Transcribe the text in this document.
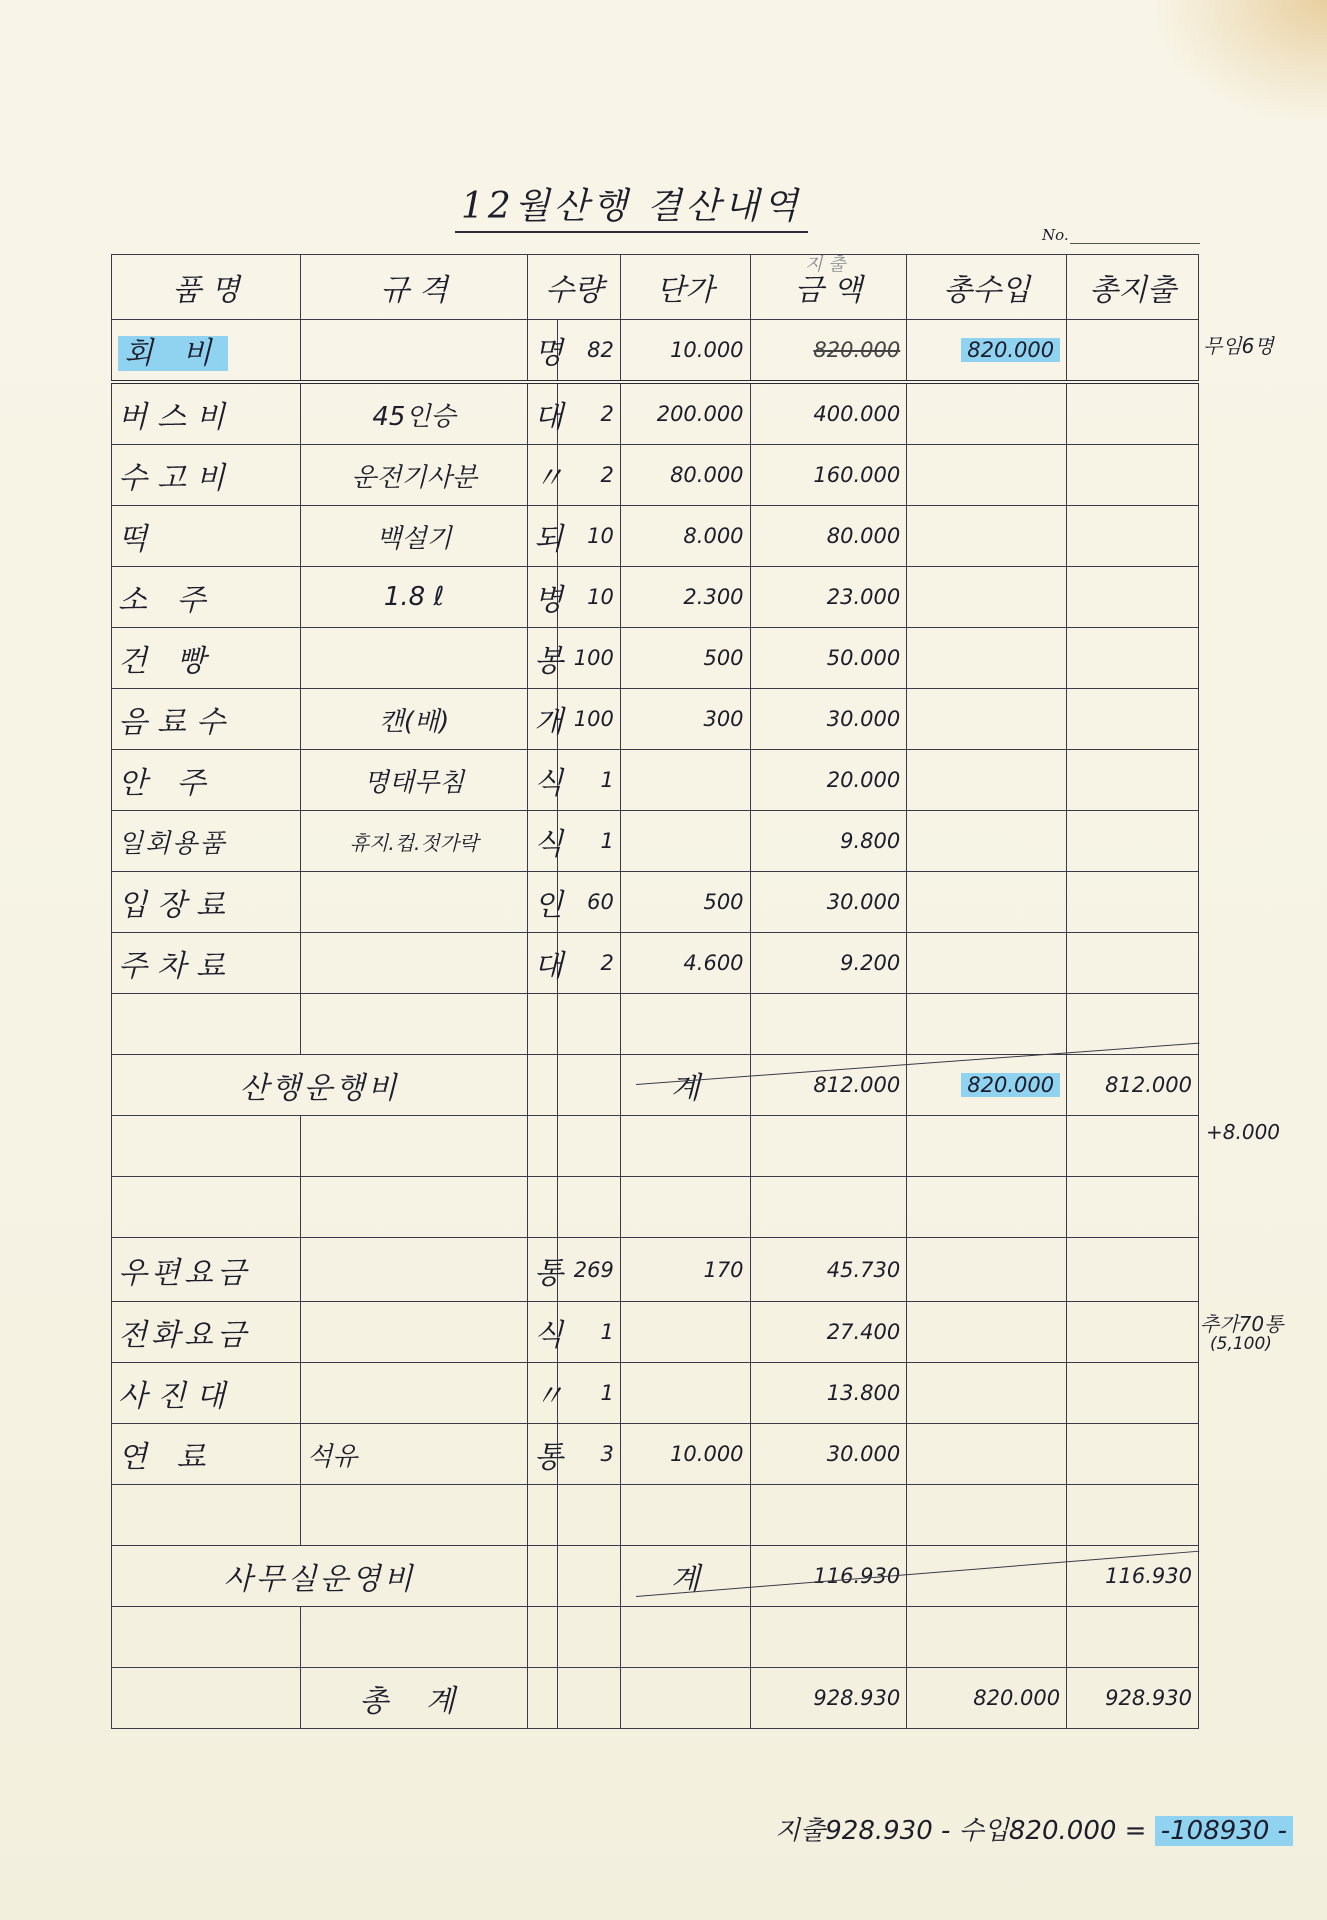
12월산행 결산내역
No.
지 출
품 명	규 격	수량		단가	금 액	총수입	총지출
회 비		명	82	10.000	820.000	820.000	
버스비	45인승	대	2	200.000	400.000		
수고비	운전기사분	〃	2	80.000	160.000		
떡	백설기	되	10	8.000	80.000		
소 주	1.8 ℓ	병	10	2.300	23.000		
건 빵		봉	100	500	50.000		
음료수	캔(배)	개	100	300	30.000		
안 주	명태무침	식	1		20.000		
일회용품	휴지.컵.젓가락	식	1		9.800		
입장료		인	60	500	30.000		
주차료		대	2	4.600	9.200		

산행운행비				계	812.000	820.000	812.000

우편요금		통	269	170	45.730		
전화요금		식	1		27.400		
사진대		〃	1		13.800		
연 료	석유	통	3	10.000	30.000		

사무실운영비				계	116.930		116.930

	총 계				928.930	820.000	928.930
무임6명
+8.000
추가70통
(5,100)
지출928.930 - 수입820.000 = -108930 -
